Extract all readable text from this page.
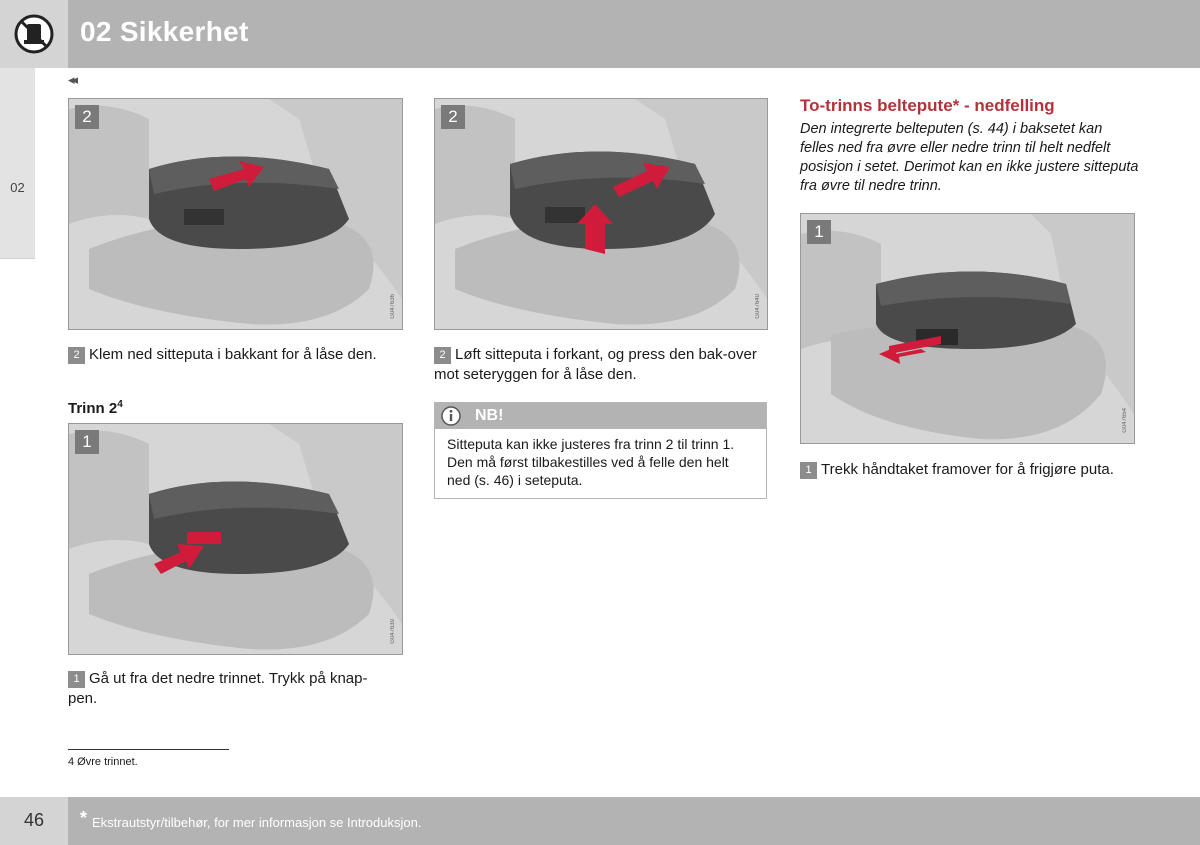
02 Sikkerhet
◂◂
02
2
G047636
2
G047640
2 Klem ned sitteputa i bakkant for å låse den.	2 Løft sitteputa i forkant, og press den bak-over mot seteryggen for å låse den.
Trinn $2^4$
1
G047639
1 Gå ut fra det nedre trinnet. Trykk på knap-pen.
NB!
Sitteputa kan ikke justeres fra trinn 2 til trinn 1. Den må først tilbakestilles ved å felle den helt ned (s. 46) i seteputa.
To-trinns beltepute* - nedfelling
Den integrerte belteputen (s. 44) i baksetet kan felles ned fra øvre eller nedre trinn til helt nedfelt posisjon i setet. Derimot kan en ikke justere sitteputa fra øvre til nedre trinn.
1
G047654
1 Trekk håndtaket framover for å frigjøre puta.
4 Øvre trinnet.
46	* Ekstrautstyr/tilbehør, for mer informasjon se Introduksjon.
